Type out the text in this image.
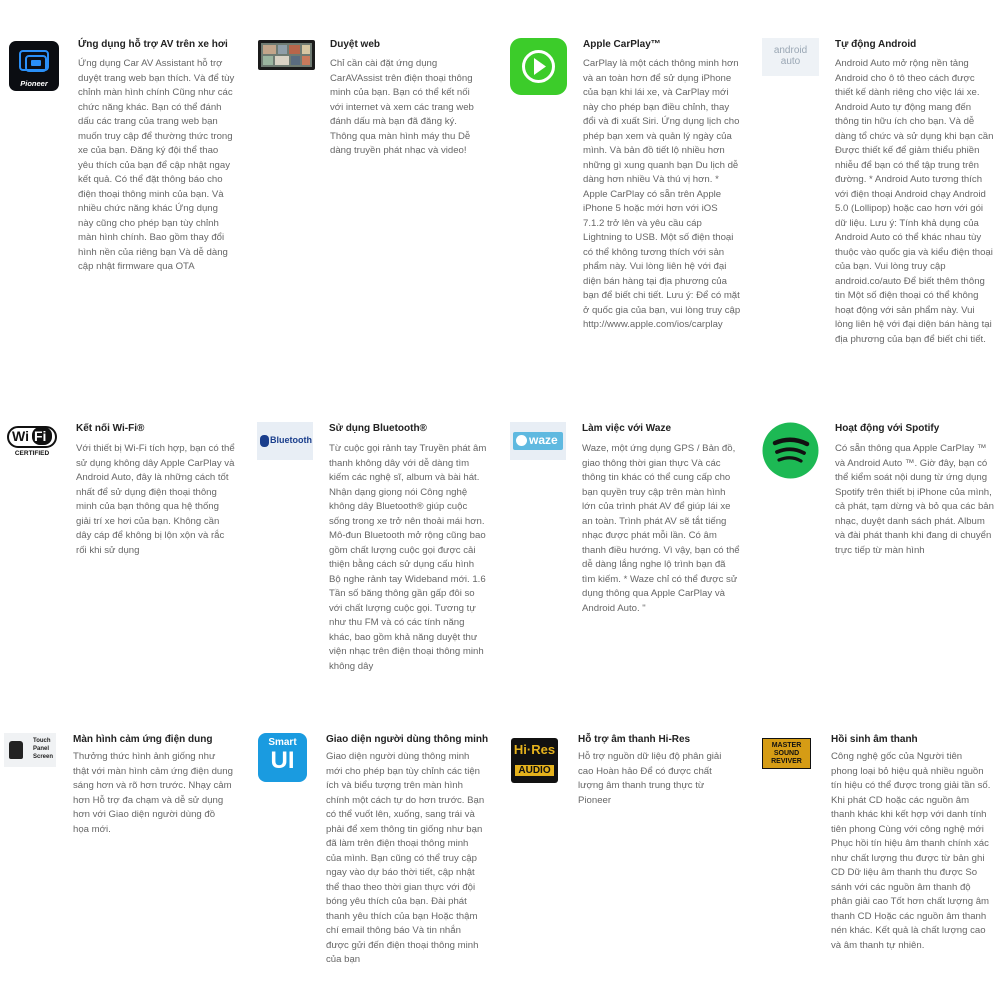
Pioneer
Ứng dụng hỗ trợ AV trên xe hơi

Ứng dụng Car AV Assistant hỗ trợ duyệt trang web bạn thích. Và để tùy chỉnh màn hình chính Cũng như các chức năng khác. Bạn có thể đánh dấu các trang của trang web bạn muốn truy cập để thường thức trong xe của bạn. Đăng ký đội thể thao yêu thích của bạn để cập nhật ngay kết quả. Có thể đặt thông báo cho điện thoại thông minh của bạn. Và nhiều chức năng khác Ứng dụng này cũng cho phép bạn tùy chỉnh màn hình chính. Bao gồm thay đổi hình nền của riêng bạn Và dễ dàng cập nhật firmware qua OTA

Duyệt web

Chỉ cần cài đặt ứng dụng CarAVAssist trên điện thoại thông minh của bạn. Bạn có thể kết nối với internet và xem các trang web đánh dấu mà bạn đã đăng ký. Thông qua màn hình máy thu Dễ dàng truyền phát nhạc và video!

Apple CarPlay™

CarPlay là một cách thông minh hơn và an toàn hơn để sử dụng iPhone của bạn khi lái xe, và CarPlay mới này cho phép bạn điều chỉnh, thay đổi và đi xuất Siri. Ứng dụng lịch cho phép bạn xem và quản lý ngày của mình. Và bản đồ tiết lộ nhiều hơn những gì xung quanh bạn Du lịch dễ dàng hơn nhiều Và thú vị hơn. * Apple CarPlay có sẵn trên Apple iPhone 5 hoặc mới hơn với iOS 7.1.2 trở lên và yêu cầu cáp Lightning to USB. Một số điện thoại có thể không tương thích với sản phẩm này. Vui lòng liên hệ với đại diện bán hàng tại địa phương của bạn để biết chi tiết. Lưu ý: Để có mặt ở quốc gia của bạn, vui lòng truy cập http://www.apple.com/ios/carplay

android
auto
Tự động Android

Android Auto mở rộng nền tảng Android cho ô tô theo cách được thiết kế dành riêng cho việc lái xe. Android Auto tự động mang đến thông tin hữu ích cho bạn. Và dễ dàng tổ chức và sử dụng khi bạn cần Được thiết kế để giảm thiểu phiền nhiễu để bạn có thể tập trung trên đường. * Android Auto tương thích với điện thoại Android chạy Android 5.0 (Lollipop) hoặc cao hơn với gói dữ liệu. Lưu ý: Tính khả dụng của Android Auto có thể khác nhau tùy thuộc vào quốc gia và kiểu điện thoại của bạn. Vui lòng truy cập android.co/auto Để biết thêm thông tin Một số điện thoại có thể không hoạt động với sản phẩm này. Vui lòng liên hệ với đại diện bán hàng tại địa phương của bạn để biết chi tiết.

Wi Fi
CERTIFIED
Kết nối Wi-Fi®

Với thiết bị Wi-Fi tích hợp, bạn có thể sử dụng không dây Apple CarPlay và Android Auto, đây là những cách tốt nhất để sử dụng điện thoại thông minh của bạn thông qua hệ thống giải trí xe hơi của bạn. Không cần dây cáp để không bị lộn xộn và rắc rối khi sử dụng

Bluetooth
Sử dụng Bluetooth®

Từ cuộc gọi rảnh tay Truyền phát âm thanh không dây với dễ dàng tìm kiếm các nghệ sĩ, album và bài hát. Nhận dạng giọng nói Công nghệ không dây Bluetooth® giúp cuộc sống trong xe trở nên thoải mái hơn. Mô-đun Bluetooth mở rộng cũng bao gồm chất lượng cuộc gọi được cải thiện bằng cách sử dụng cấu hình Bộ nghe rảnh tay Wideband mới. 1.6 Tần số băng thông gần gấp đôi so với chất lượng cuộc gọi. Tương tự như thu FM và có các tính năng khác, bao gồm khả năng duyệt thư viện nhạc trên điện thoại thông minh không dây

waze
Làm việc với Waze

Waze, một ứng dụng GPS / Bản đồ, giao thông thời gian thực Và các thông tin khác có thể cung cấp cho bạn quyền truy cập trên màn hình lớn của trình phát AV để giúp lái xe an toàn. Trình phát AV sẽ tắt tiếng nhạc được phát mỗi lần. Có âm thanh điều hướng. Vì vậy, bạn có thể dễ dàng lắng nghe lộ trình bạn đã tìm kiếm. * Waze chỉ có thể được sử dụng thông qua Apple CarPlay và Android Auto. "

Hoạt động với Spotify

Có sẵn thông qua Apple CarPlay ™ và Android Auto ™. Giờ đây, bạn có thể kiểm soát nội dung từ ứng dụng Spotify trên thiết bị iPhone của mình, cả phát, tạm dừng và bỏ qua các bản nhạc, duyệt danh sách phát. Album và đài phát thanh khi đang di chuyển trực tiếp từ màn hình

Touch
Panel
Screen
Màn hình cảm ứng điện dung

Thưởng thức hình ảnh giống như thật với màn hình cảm ứng điện dung sáng hơn và rõ hơn trước. Nhạy cảm hơn Hỗ trợ đa chạm và dễ sử dụng hơn với Giao diện người dùng đồ họa mới.

Smart
UI
Giao diện người dùng thông minh

Giao diện người dùng thông minh mới cho phép bạn tùy chỉnh các tiện ích và biểu tượng trên màn hình chính một cách tự do hơn trước. Bạn có thể vuốt lên, xuống, sang trái và phải để xem thông tin giống như bạn đã làm trên điện thoại thông minh của mình. Bạn cũng có thể truy cập ngay vào dự báo thời tiết, cập nhật thể thao theo thời gian thực với đội bóng yêu thích của bạn. Đài phát thanh yêu thích của bạn Hoặc thậm chí email thông báo Và tin nhắn được gửi đến điện thoại thông minh của bạn

Hi·Res
AUDIO
Hỗ trợ âm thanh Hi-Res

Hỗ trợ nguồn dữ liệu độ phân giải cao Hoàn hảo Để có được chất lượng âm thanh trung thực từ Pioneer

MASTER
SOUND
REVIVER
Hồi sinh âm thanh

Công nghệ gốc của Người tiên phong loại bỏ hiệu quả nhiều nguồn tín hiệu có thể được trong giải tần số. Khi phát CD hoặc các nguồn âm thanh khác khi kết hợp với danh tính tiên phong Cùng với công nghệ mới Phục hồi tín hiệu âm thanh chính xác như chất lượng thu được từ bản ghi CD Dữ liệu âm thanh thu được So sánh với các nguồn âm thanh độ phân giải cao Tốt hơn chất lượng âm thanh CD Hoặc các nguồn âm thanh nén khác. Kết quả là chất lượng cao và âm thanh tự nhiên.
